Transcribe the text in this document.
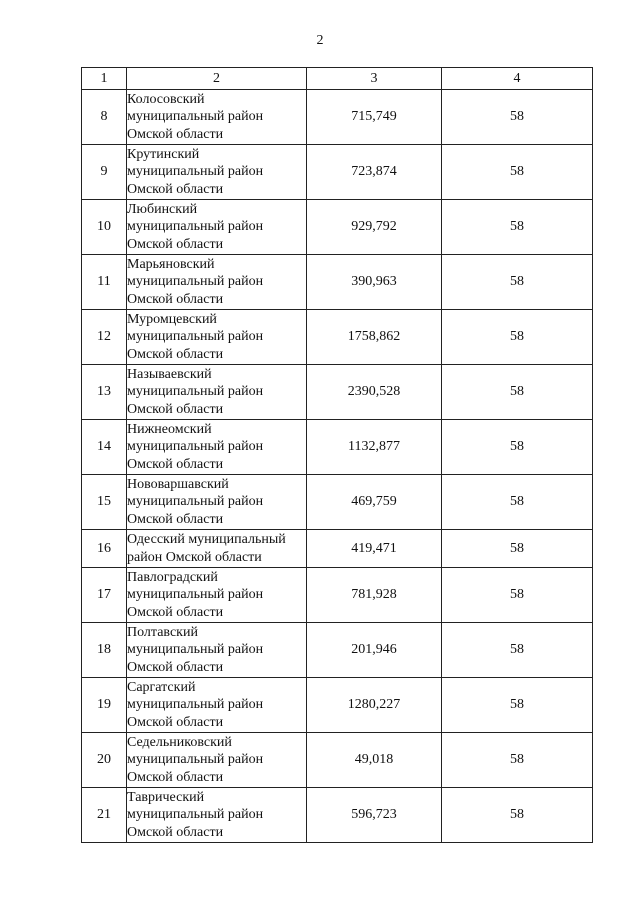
2
1	2	3	4
8	Колосовский
муниципальный район
Омской области	715,749	58
9	Крутинский
муниципальный район
Омской области	723,874	58
10	Любинский
муниципальный район
Омской области	929,792	58
11	Марьяновский
муниципальный район
Омской области	390,963	58
12	Муромцевский
муниципальный район
Омской области	1758,862	58
13	Называевский
муниципальный район
Омской области	2390,528	58
14	Нижнеомский
муниципальный район
Омской области	1132,877	58
15	Нововаршавский
муниципальный район
Омской области	469,759	58
16	Одесский муниципальный
район Омской области	419,471	58
17	Павлоградский
муниципальный район
Омской области	781,928	58
18	Полтавский
муниципальный район
Омской области	201,946	58
19	Саргатский
муниципальный район
Омской области	1280,227	58
20	Седельниковский
муниципальный район
Омской области	49,018	58
21	Таврический
муниципальный район
Омской области	596,723	58
